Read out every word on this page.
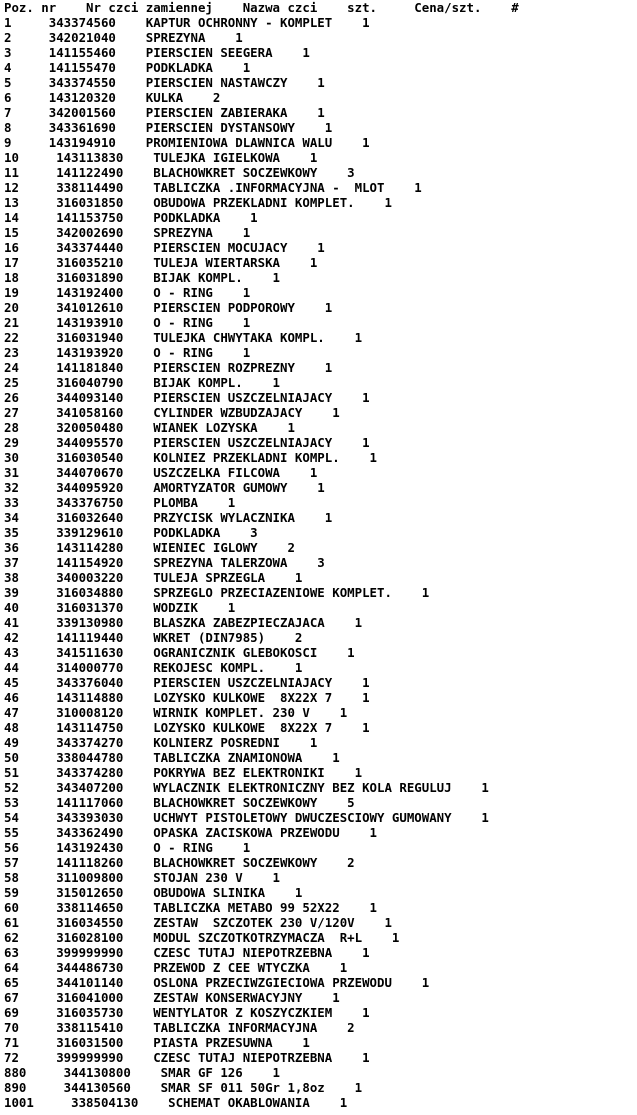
Poz. nr    Nr czci zamiennej    Nazwa czci    szt.     Cena/szt.    #
1     343374560    KAPTUR OCHRONNY - KOMPLET    1
2     342021040    SPREZYNA    1
3     141155460    PIERSCIEN SEEGERA    1
4     141155470    PODKLADKA    1
5     343374550    PIERSCIEN NASTAWCZY    1
6     143120320    KULKA    2
7     342001560    PIERSCIEN ZABIERAKA    1
8     343361690    PIERSCIEN DYSTANSOWY    1
9     143194910    PROMIENIOWA DLAWNICA WALU    1
10     143113830    TULEJKA IGIELKOWA    1
11     141122490    BLACHOWKRET SOCZEWKOWY    3
12     338114490    TABLICZKA .INFORMACYJNA -  MLOT    1
13     316031850    OBUDOWA PRZEKLADNI KOMPLET.    1
14     141153750    PODKLADKA    1
15     342002690    SPREZYNA    1
16     343374440    PIERSCIEN MOCUJACY    1
17     316035210    TULEJA WIERTARSKA    1
18     316031890    BIJAK KOMPL.    1
19     143192400    O - RING    1
20     341012610    PIERSCIEN PODPOROWY    1
21     143193910    O - RING    1
22     316031940    TULEJKA CHWYTAKA KOMPL.    1
23     143193920    O - RING    1
24     141181840    PIERSCIEN ROZPREZNY    1
25     316040790    BIJAK KOMPL.    1
26     344093140    PIERSCIEN USZCZELNIAJACY    1
27     341058160    CYLINDER WZBUDZAJACY    1
28     320050480    WIANEK LOZYSKA    1
29     344095570    PIERSCIEN USZCZELNIAJACY    1
30     316030540    KOLNIEZ PRZEKLADNI KOMPL.    1
31     344070670    USZCZELKA FILCOWA    1
32     344095920    AMORTYZATOR GUMOWY    1
33     343376750    PLOMBA    1
34     316032640    PRZYCISK WYLACZNIKA    1
35     339129610    PODKLADKA    3
36     143114280    WIENIEC IGLOWY    2
37     141154920    SPREZYNA TALERZOWA    3
38     340003220    TULEJA SPRZEGLA    1
39     316034880    SPRZEGLO PRZECIAZENIOWE KOMPLET.    1
40     316031370    WODZIK    1
41     339130980    BLASZKA ZABEZPIECZAJACA    1
42     141119440    WKRET (DIN7985)    2
43     341511630    OGRANICZNIK GLEBOKOSCI    1
44     314000770    REKOJESC KOMPL.    1
45     343376040    PIERSCIEN USZCZELNIAJACY    1
46     143114880    LOZYSKO KULKOWE  8X22X 7    1
47     310008120    WIRNIK KOMPLET. 230 V    1
48     143114750    LOZYSKO KULKOWE  8X22X 7    1
49     343374270    KOLNIERZ POSREDNI    1
50     338044780    TABLICZKA ZNAMIONOWA    1
51     343374280    POKRYWA BEZ ELEKTRONIKI    1
52     343407200    WYLACZNIK ELEKTRONICZNY BEZ KOLA REGULUJ    1
53     141117060    BLACHOWKRET SOCZEWKOWY    5
54     343393030    UCHWYT PISTOLETOWY DWUCZESCIOWY GUMOWANY    1
55     343362490    OPASKA ZACISKOWA PRZEWODU    1
56     143192430    O - RING    1
57     141118260    BLACHOWKRET SOCZEWKOWY    2
58     311009800    STOJAN 230 V    1
59     315012650    OBUDOWA SLINIKA    1
60     338114650    TABLICZKA METABO 99 52X22    1
61     316034550    ZESTAW  SZCZOTEK 230 V/120V    1
62     316028100    MODUL SZCZOTKOTRZYMACZA  R+L    1
63     399999990    CZESC TUTAJ NIEPOTRZEBNA    1
64     344486730    PRZEWOD Z CEE WTYCZKA    1
65     344101140    OSLONA PRZECIWZGIECIOWA PRZEWODU    1
67     316041000    ZESTAW KONSERWACYJNY    1
69     316035730    WENTYLATOR Z KOSZYCZKIEM    1
70     338115410    TABLICZKA INFORMACYJNA    2
71     316031500    PIASTA PRZESUWNA    1
72     399999990    CZESC TUTAJ NIEPOTRZEBNA    1
880     344130800    SMAR GF 126    1
890     344130560    SMAR SF 011 50Gr 1,8oz    1
1001     338504130    SCHEMAT OKABLOWANIA    1
